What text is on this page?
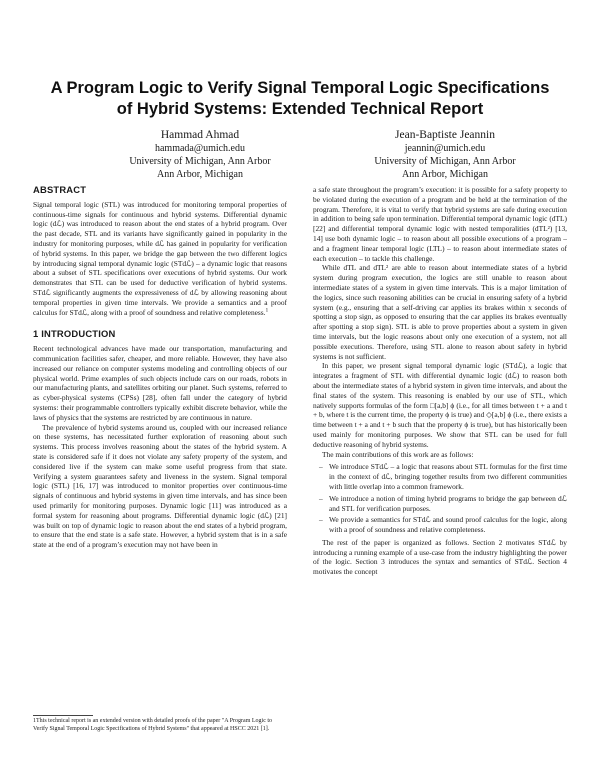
A Program Logic to Verify Signal Temporal Logic Specifications
of Hybrid Systems: Extended Technical Report
Hammad Ahmad
hammada@umich.edu
University of Michigan, Ann Arbor
Ann Arbor, Michigan
Jean-Baptiste Jeannin
jeannin@umich.edu
University of Michigan, Ann Arbor
Ann Arbor, Michigan
ABSTRACT

Signal temporal logic (STL) was introduced for monitoring temporal properties of continuous-time signals for continuous and hybrid systems. Differential dynamic logic (dℒ) was introduced to reason about the end states of a hybrid program. Over the past decade, STL and its variants have significantly gained in popularity in the industry for monitoring purposes, while dℒ has gained in popularity for verification of hybrid systems. In this paper, we bridge the gap between the two different logics by introducing signal temporal dynamic logic (STdℒ) – a dynamic logic that reasons about a subset of STL specifications over executions of hybrid systems. Our work demonstrates that STL can be used for deductive verification of hybrid systems. STdℒ significantly augments the expressiveness of dℒ by allowing reasoning about temporal properties in given time intervals. We provide a semantics and a proof calculus for STdℒ, along with a proof of soundness and relative completeness.$^1$

1 INTRODUCTION

Recent technological advances have made our transportation, manufacturing and communication facilities safer, cheaper, and more reliable. However, they have also increased our reliance on computer systems modeling and controlling objects of our physical world. Prime examples of such objects include cars on our roads, robots in our manufacturing plants, and satellites orbiting our planet. Such systems, referred to as cyber-physical systems (CPSs) [28], often fall under the category of hybrid systems: their programmable controllers typically exhibit discrete behavior, while the laws of physics that the systems are restricted by are continuous in nature.

The prevalence of hybrid systems around us, coupled with our increased reliance on these systems, has necessitated further exploration of reasoning about such systems. This process involves reasoning about the states of the hybrid system. A state is considered safe if it does not violate any safety property of the system, and considered live if the system can make some useful progress from that state. Verifying a system guarantees safety and liveness in the system. Signal temporal logic (STL) [16, 17] was introduced to monitor properties over continuous-time signals of continuous and hybrid systems in given time intervals, and has since been used primarily for monitoring purposes. Dynamic logic [11] was introduced as a formal system for reasoning about programs. Differential dynamic logic (dℒ) [21] was built on top of dynamic logic to reason about the end states of a hybrid program, to ensure that the end state is a safe state. However, a hybrid system that is in a safe state at the end of a program’s execution may not have been in

1This technical report is an extended version with detailed proofs of the paper "A Program Logic to Verify Signal Temporal Logic Specifications of Hybrid Systems" that appeared at HSCC 2021 [1].

a safe state throughout the program’s execution: it is possible for a safety property to be violated during the execution of a program and be held at the termination of the program. Therefore, it is vital to verify that hybrid systems are safe during execution in addition to being safe upon termination. Differential temporal dynamic logic (dTL) [22] and differential temporal dynamic logic with nested temporalities (dTL²) [13, 14] use both dynamic logic – to reason about all possible executions of a program – and a fragment linear temporal logic (LTL) – to reason about intermediate states of each execution – to tackle this challenge.

While dTL and dTL² are able to reason about intermediate states of a hybrid system during program execution, the logics are still unable to reason about intermediate states of a system in given time intervals. This is a major limitation of the logics, since such reasoning abilities can be crucial in ensuring safety of a hybrid system (e.g., ensuring that a self-driving car applies its brakes within x seconds of spotting a stop sign, as opposed to ensuring that the car applies its brakes eventually after spotting a stop sign). STL is able to prove properties about a system in given time intervals, but the logic reasons about only one execution of a system, not all possible executions. Therefore, using STL alone to reason about safety in hybrid systems is not sufficient.

In this paper, we present signal temporal dynamic logic (STdℒ), a logic that integrates a fragment of STL with differential dynamic logic (dℒ) to reason both about the intermediate states of a hybrid system in given time intervals, and about the final states of the system. This reasoning is enabled by our use of STL, which natively supports formulas of the form □[a,b] ϕ (i.e., for all times between t + a and t + b, where t is the current time, the property ϕ is true) and ◇[a,b] ϕ (i.e., there exists a time between t + a and t + b such that the property ϕ is true), but has historically been used mainly for monitoring purposes. We show that STL can be used for full deductive reasoning of hybrid systems.

The main contributions of this work are as follows:

– We introduce STdℒ – a logic that reasons about STL formulas for the first time in the context of dℒ, bringing together results from two different communities with little overlap into a common framework.
– We introduce a notion of timing hybrid programs to bridge the gap between dℒ and STL for verification purposes.
– We provide a semantics for STdℒ and sound proof calculus for the logic, along with a proof of soundness and relative completeness.

The rest of the paper is organized as follows. Section 2 motivates STdℒ by introducing a running example of a use-case from the industry highlighting the power of the logic. Section 3 introduces the syntax and semantics of STdℒ. Section 4 motivates the concept
